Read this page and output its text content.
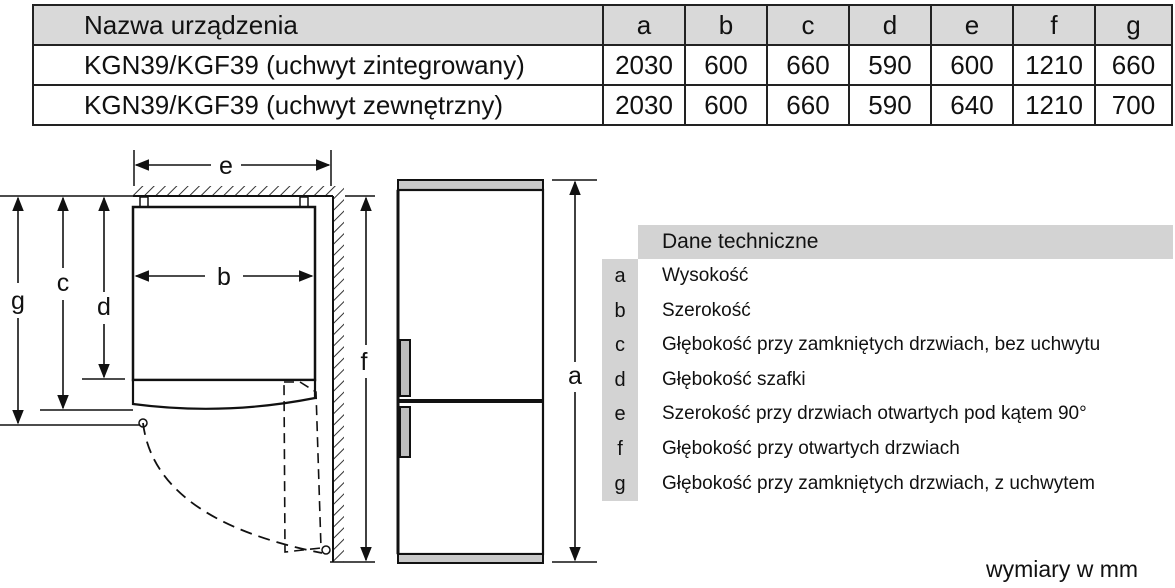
Nazwa urządzenia	a	b	c	d	e	f	g
KGN39/KGF39 (uchwyt zintegrowany)	2030	600	660	590	600	1210	660
KGN39/KGF39 (uchwyt zewnętrzny)	2030	600	660	590	640	1210	700
e
b
g
c
d
f	a
Dane techniczne
a	Wysokość
b	Szerokość
c	Głębokość przy zamkniętych drzwiach, bez uchwytu
d	Głębokość szafki
e	Szerokość przy drzwiach otwartych pod kątem 90°
f	Głębokość przy otwartych drzwiach
g	Głębokość przy zamkniętych drzwiach, z uchwytem
wymiary w mm
